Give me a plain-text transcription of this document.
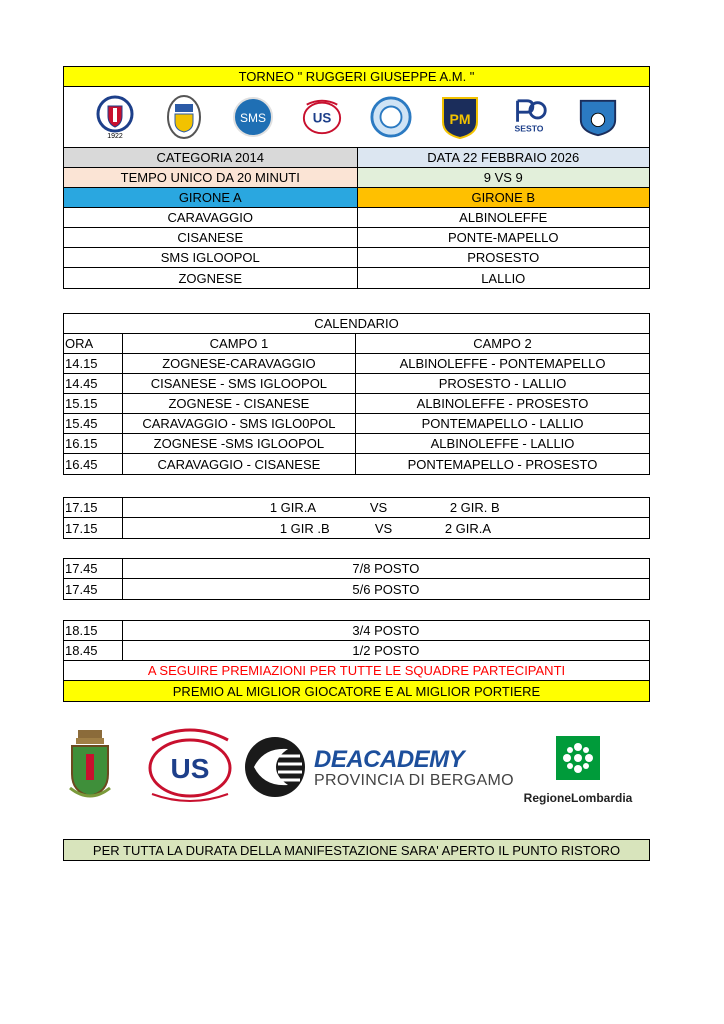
TORNEO " RUGGERI GIUSEPPE A.M. "
1922
SMS	US	PM
SESTO
CATEGORIA 2014	DATA 22 FEBBRAIO 2026
TEMPO UNICO DA 20 MINUTI	9 VS 9
GIRONE A	GIRONE B
CARAVAGGIO	ALBINOLEFFE
CISANESE	PONTE-MAPELLO
SMS IGLOOPOL	PROSESTO
ZOGNESE	LALLIO
CALENDARIO
ORA	CAMPO 1	CAMPO 2
14.15	ZOGNESE-CARAVAGGIO	ALBINOLEFFE - PONTEMAPELLO
14.45	CISANESE - SMS IGLOOPOL	PROSESTO - LALLIO
15.15	ZOGNESE - CISANESE	ALBINOLEFFE - PROSESTO
15.45	CARAVAGGIO - SMS IGLO0POL	PONTEMAPELLO - LALLIO
16.15	ZOGNESE -SMS IGLOOPOL	ALBINOLEFFE - LALLIO
16.45	CARAVAGGIO - CISANESE	PONTEMAPELLO - PROSESTO
17.15	1 GIR.A	VS	2 GIR. B
17.15	1 GIR .B	VS	2 GIR.A
17.45	7/8 POSTO
17.45	5/6 POSTO
18.15	3/4 POSTO
18.45	1/2 POSTO
A SEGUIRE PREMIAZIONI PER TUTTE LE SQUADRE PARTECIPANTI
PREMIO AL MIGLIOR GIOCATORE E AL MIGLIOR PORTIERE
US	DEACADEMY
PROVINCIA DI BERGAMO
RegioneLombardia
PER TUTTA LA DURATA DELLA MANIFESTAZIONE SARA' APERTO IL PUNTO RISTORO
